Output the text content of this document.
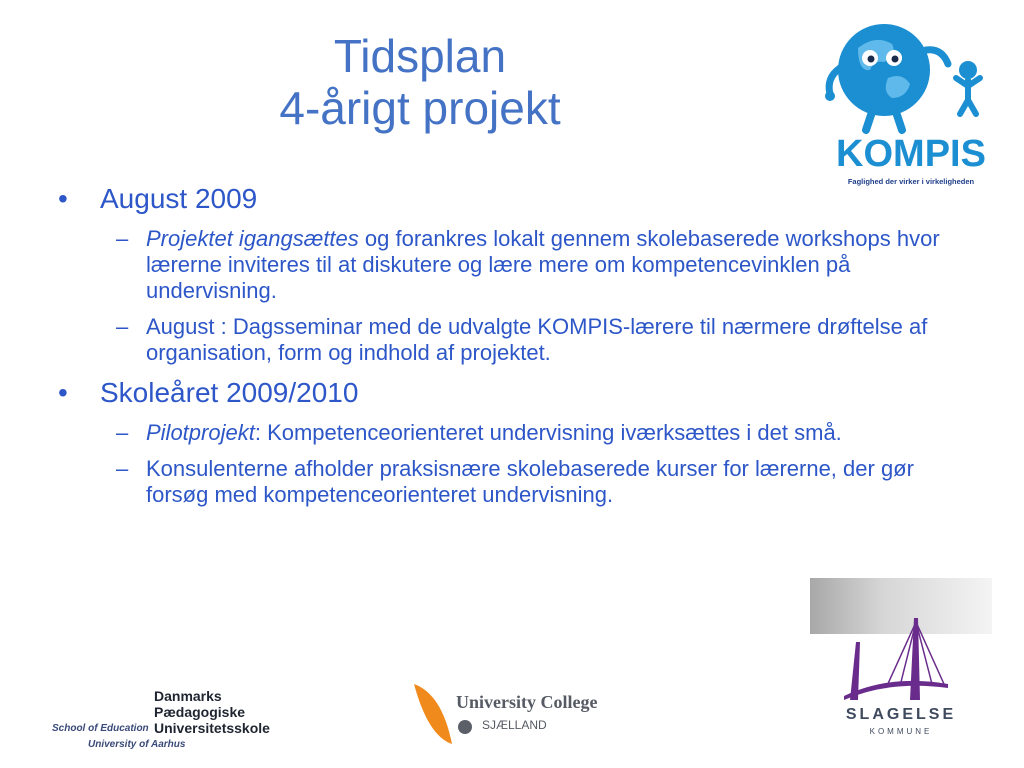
Tidsplan
4-årigt projekt
• August 2009
– Projektet igangsættes og forankres lokalt gennem skolebaserede workshops hvor lærerne inviteres til at diskutere og lære mere om kompetencevinklen på undervisning.
– August : Dagsseminar med de udvalgte KOMPIS-lærere til nærmere drøftelse af organisation, form og indhold af projektet.
• Skoleåret 2009/2010
– Pilotprojekt: Kompetenceorienteret undervisning iværksættes i det små.
– Konsulenterne afholder praksisnære skolebaserede kurser for lærerne, der gør forsøg med kompetenceorienteret undervisning.
KOMPIS
Faglighed der virker i virkeligheden
SLAGELSE
KOMMUNE
University College
SJÆLLAND
Danmarks
Pædagogiske
Universitetsskole
School of Education
University of Aarhus
